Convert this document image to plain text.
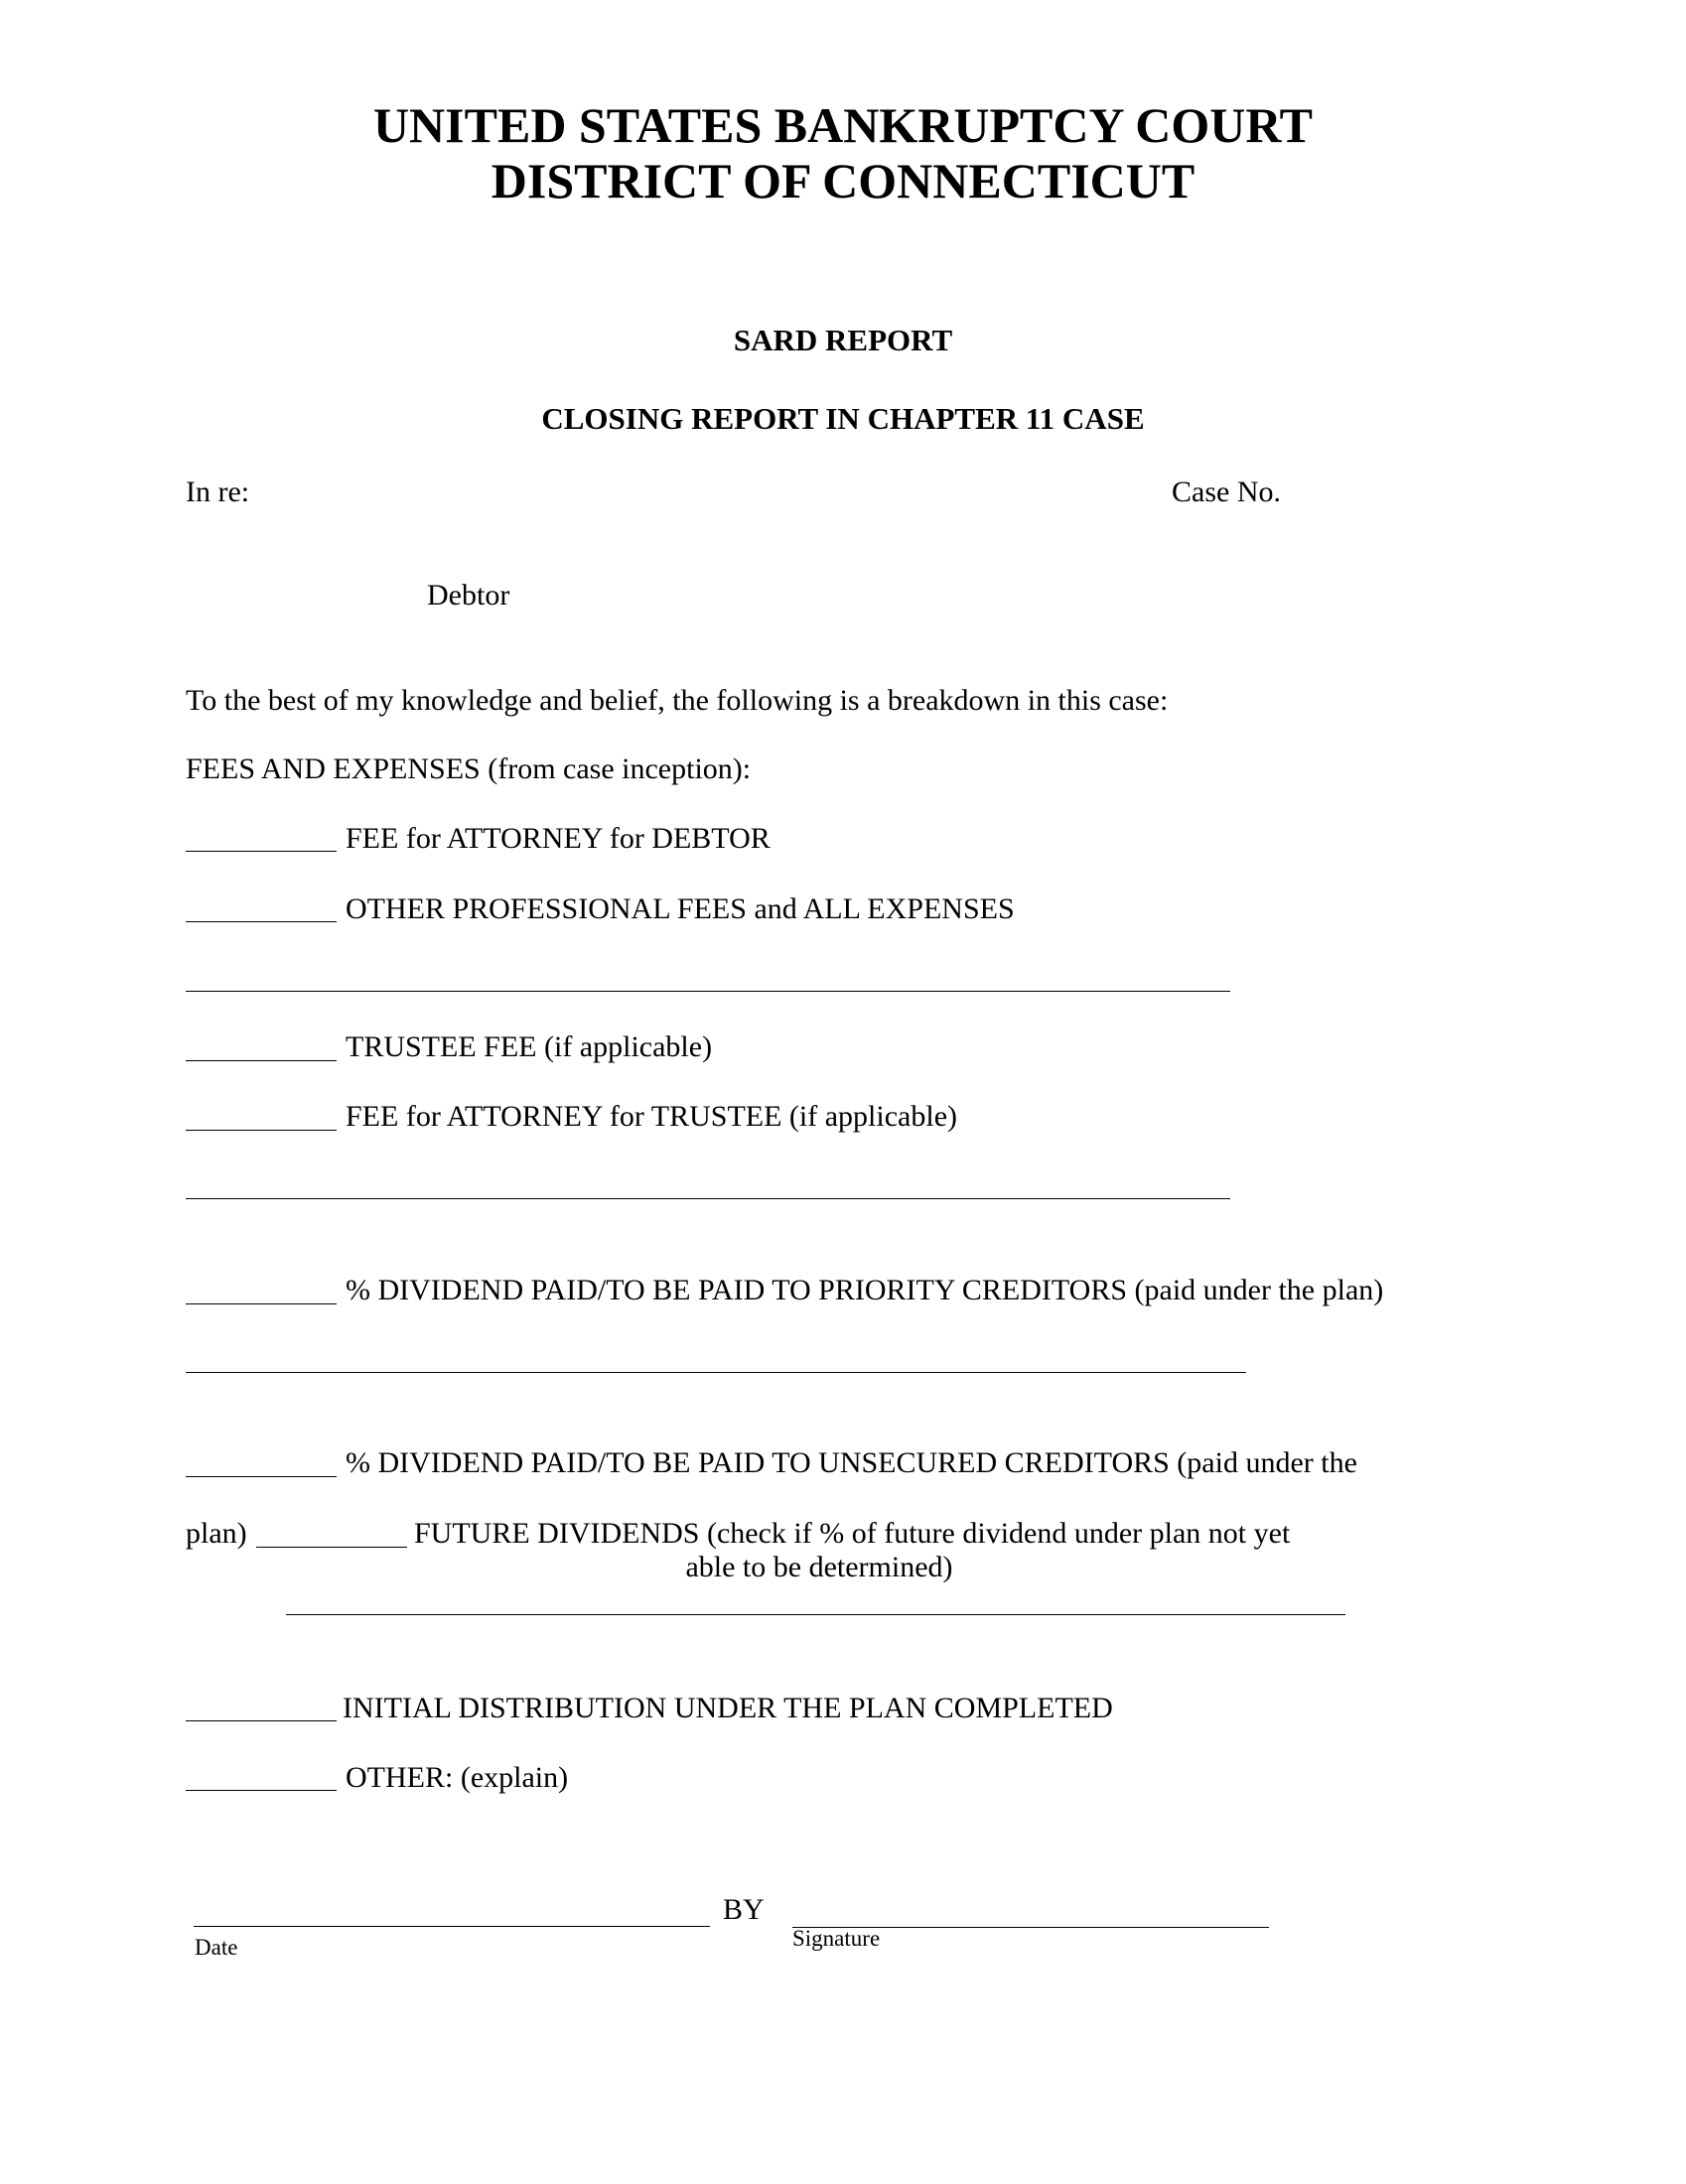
UNITED STATES BANKRUPTCY COURT
DISTRICT OF CONNECTICUT
SARD REPORT
CLOSING REPORT IN CHAPTER 11 CASE
In re:	Case No.
Debtor
To the best of my knowledge and belief, the following is a breakdown in this case:
FEES AND EXPENSES (from case inception):
FEE for ATTORNEY for DEBTOR
OTHER PROFESSIONAL FEES and ALL EXPENSES
TRUSTEE FEE (if applicable)
FEE for ATTORNEY for TRUSTEE (if applicable)
% DIVIDEND PAID/TO BE PAID TO PRIORITY CREDITORS (paid under the plan)
% DIVIDEND PAID/TO BE PAID TO UNSECURED CREDITORS (paid under the
plan)	FUTURE DIVIDENDS (check if % of future dividend under plan not yet
able to be determined)
INITIAL DISTRIBUTION UNDER THE PLAN COMPLETED
OTHER: (explain)
BY
Date	Signature
